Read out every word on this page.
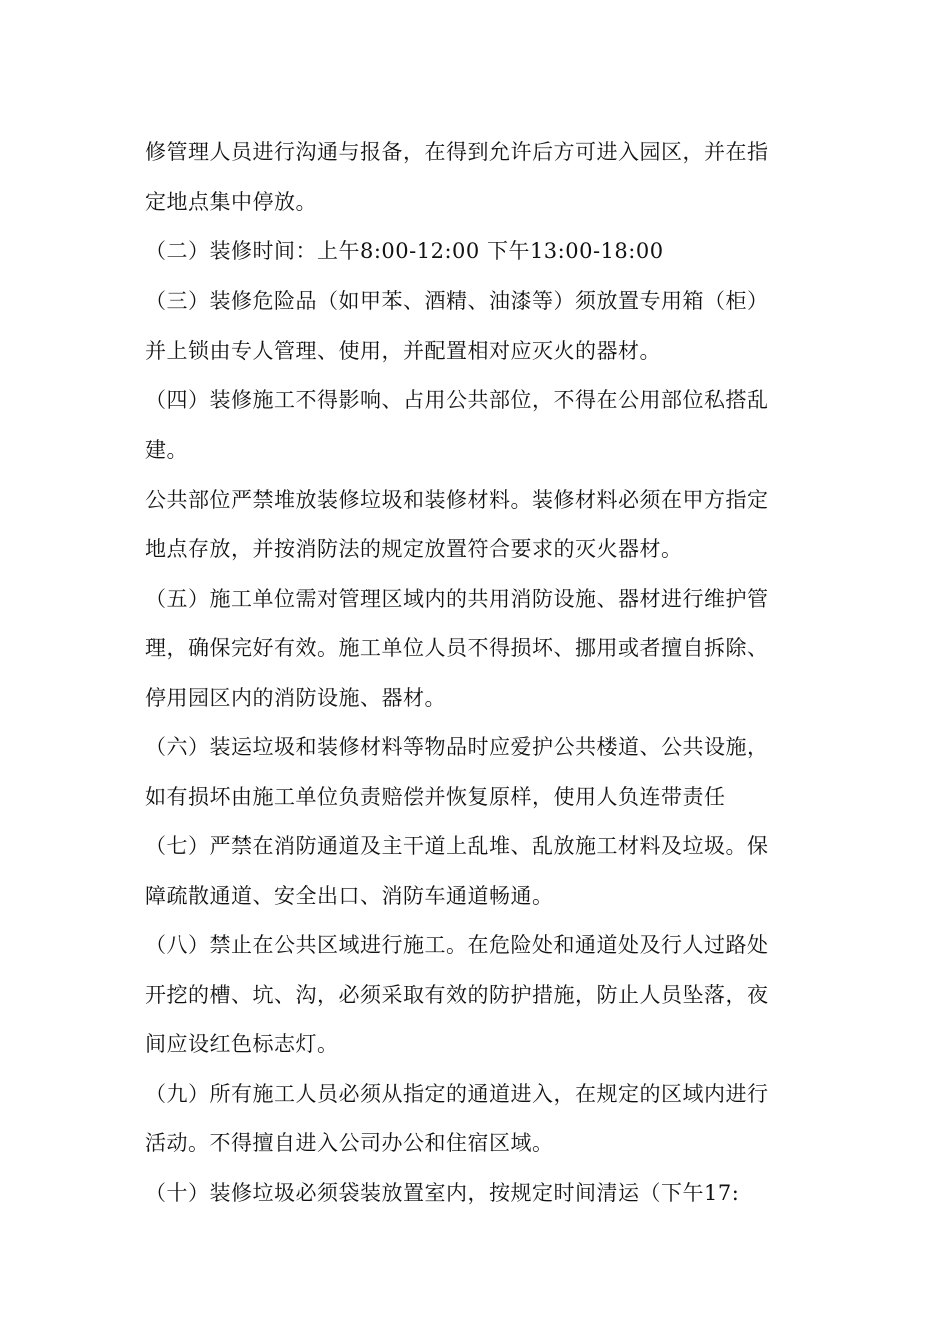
修管理人员进行沟通与报备，在得到允许后方可进入园区，并在指
定地点集中停放。
（二）装修时间：上午8:00-12:00 下午13:00-18:00
（三）装修危险品（如甲苯、酒精、油漆等）须放置专用箱（柜）
并上锁由专人管理、使用，并配置相对应灭火的器材。
（四）装修施工不得影响、占用公共部位，不得在公用部位私搭乱
建。
公共部位严禁堆放装修垃圾和装修材料。装修材料必须在甲方指定
地点存放，并按消防法的规定放置符合要求的灭火器材。
（五）施工单位需对管理区域内的共用消防设施、器材进行维护管
理，确保完好有效。施工单位人员不得损坏、挪用或者擅自拆除、
停用园区内的消防设施、器材。
（六）装运垃圾和装修材料等物品时应爱护公共楼道、公共设施，
如有损坏由施工单位负责赔偿并恢复原样，使用人负连带责任
（七）严禁在消防通道及主干道上乱堆、乱放施工材料及垃圾。保
障疏散通道、安全出口、消防车通道畅通。
（八）禁止在公共区域进行施工。在危险处和通道处及行人过路处
开挖的槽、坑、沟，必须采取有效的防护措施，防止人员坠落，夜
间应设红色标志灯。
（九）所有施工人员必须从指定的通道进入，在规定的区域内进行
活动。不得擅自进入公司办公和住宿区域。
（十）装修垃圾必须袋装放置室内，按规定时间清运（下午17:
